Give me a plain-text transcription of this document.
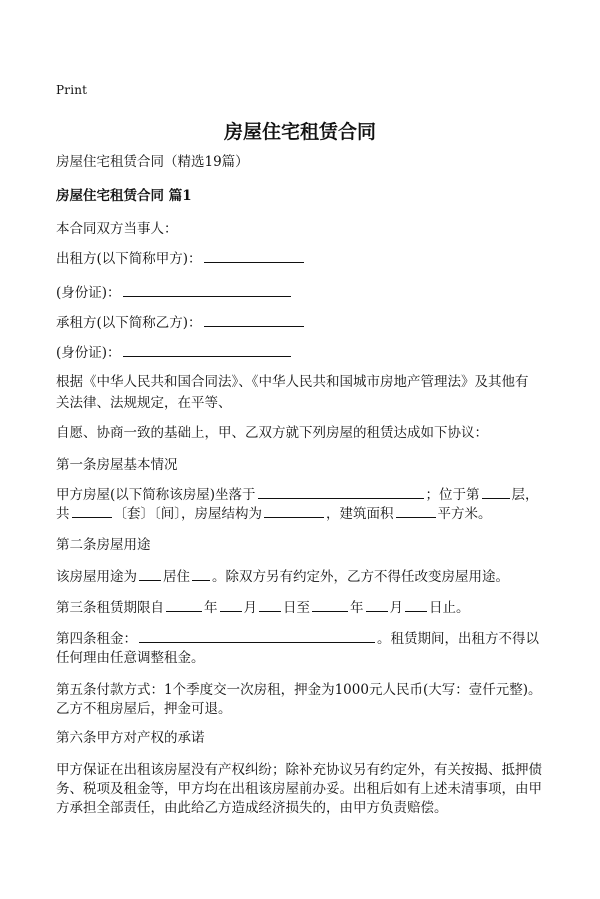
Print
房屋住宅租赁合同
房屋住宅租赁合同（精选19篇）
房屋住宅租赁合同 篇1
本合同双方当事人：
出租方(以下简称甲方)：
(身份证)：
承租方(以下简称乙方)：
(身份证)：
根据《中华人民共和国合同法》、《中华人民共和国城市房地产管理法》及其他有
关法律、法规规定，在平等、
自愿、协商一致的基础上，甲、乙双方就下列房屋的租赁达成如下协议：
第一条房屋基本情况
甲方房屋(以下简称该房屋)坐落于	；位于第 层，
共	〔套〕〔间〕，房屋结构为	，建筑面积	平方米。
第二条房屋用途
该房屋用途为 居住 。除双方另有约定外，乙方不得任改变房屋用途。
第三条租赁期限自	年 月 日至	年 月 日止。
第四条租金：	。租赁期间，出租方不得以
任何理由任意调整租金。
第五条付款方式：1个季度交一次房租，押金为1000元人民币(大写：壹仟元整)。
乙方不租房屋后，押金可退。
第六条甲方对产权的承诺
甲方保证在出租该房屋没有产权纠纷；除补充协议另有约定外，有关按揭、抵押债
务、税项及租金等，甲方均在出租该房屋前办妥。出租后如有上述未清事项，由甲
方承担全部责任，由此给乙方造成经济损失的，由甲方负责赔偿。
